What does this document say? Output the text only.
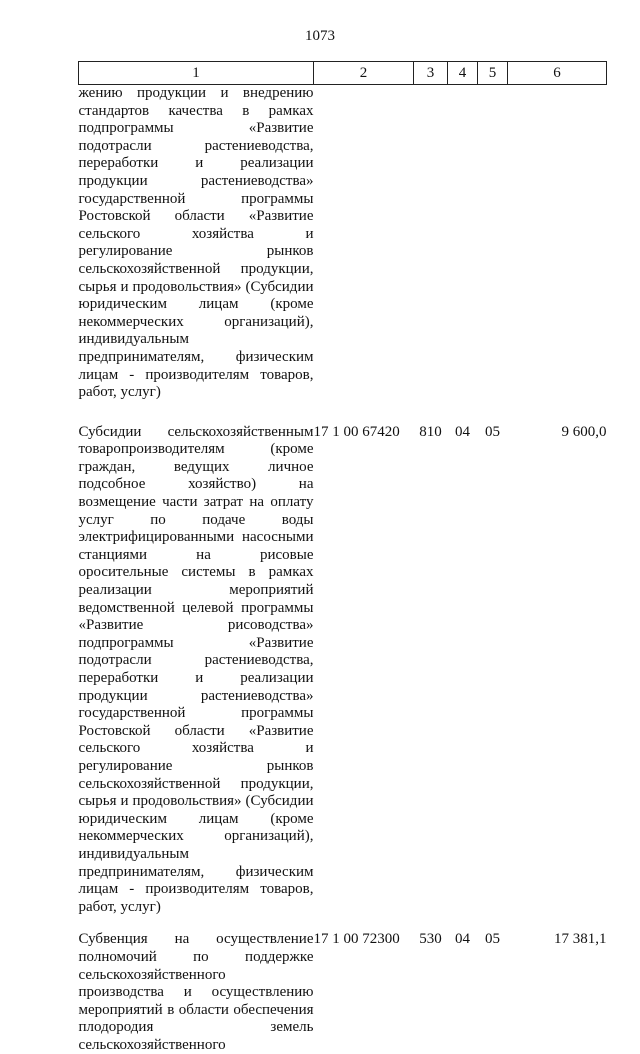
1073
1	2	3	4	5	6
жению продукции и внедрению стандартов качества в рамках подпрограммы «Развитие подотрасли растениеводства, переработки и реализации продукции растениеводства» государственной программы Ростовской области «Развитие сельского хозяйства и регулирование рынков сельскохозяйственной продукции, сырья и продовольствия» (Субсидии юридическим лицам (кроме некоммерческих организаций), индивидуальным предпринимателям, физическим лицам - производителям товаров, работ, услуг)					
Субсидии сельскохозяйственным товаропроизводителям (кроме граждан, ведущих личное подсобное хозяйство) на возмещение части затрат на оплату услуг по подаче воды электрифицированными насосными станциями на рисовые оросительные системы в рамках реализации мероприятий ведомственной целевой программы «Развитие рисоводства» подпрограммы «Развитие подотрасли растениеводства, переработки и реализации продукции растениеводства» государственной программы Ростовской области «Развитие сельского хозяйства и регулирование рынков сельскохозяйственной продукции, сырья и продовольствия» (Субсидии юридическим лицам (кроме некоммерческих организаций), индивидуальным предпринимателям, физическим лицам - производителям товаров, работ, услуг)	17 1 00 67420	810	04	05	9 600,0
Субвенция на осуществление полномочий по поддержке сельскохозяйственного производства и осуществлению мероприятий в области обеспечения плодородия земель сельскохозяйственного	17 1 00 72300	530	04	05	17 381,1
